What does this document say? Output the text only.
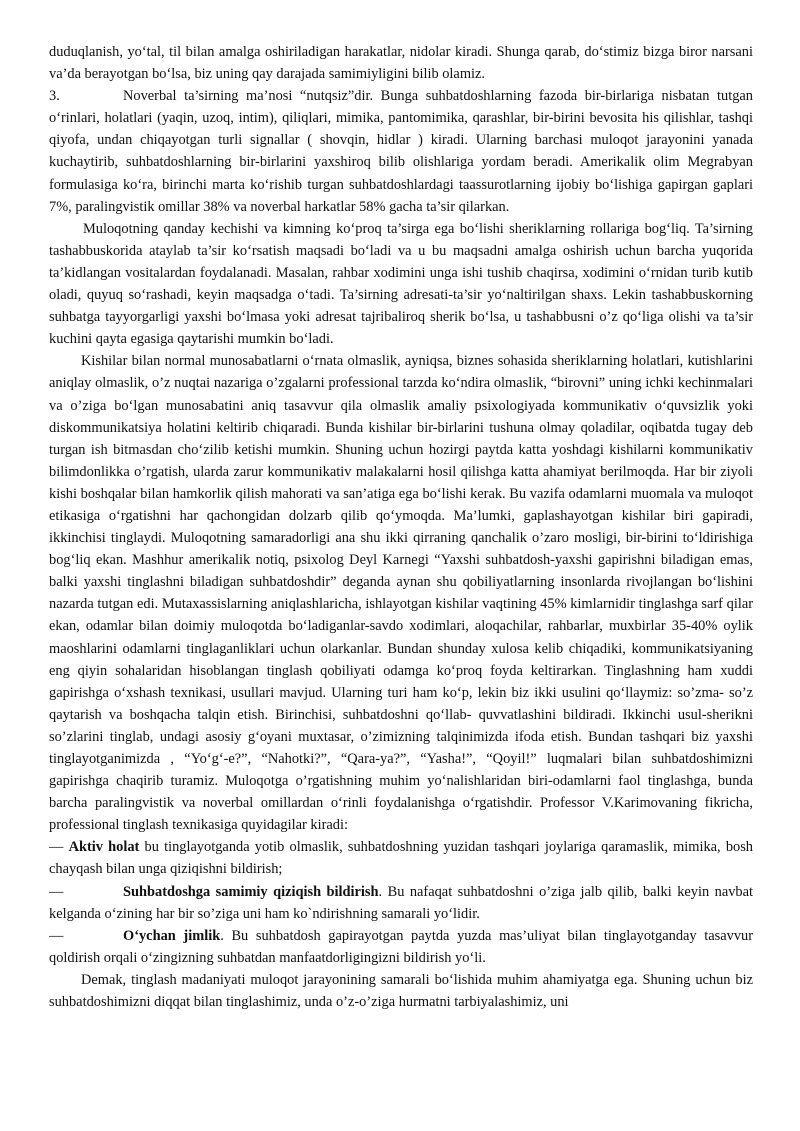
duduqlanish, yo‘tal, til bilan amalga oshiriladigan harakatlar, nidolar kiradi. Shunga qarab, do‘stimiz bizga biror narsani va’da berayotgan bo‘lsa, biz uning qay darajada samimiyligini bilib olamiz.

3.	Noverbal ta’sirning ma’nosi “nutqsiz”dir. Bunga suhbatdoshlarning fazoda bir-birlariga nisbatan tutgan o‘rinlari, holatlari (yaqin, uzoq, intim), qiliqlari, mimika, pantomimika, qarashlar, bir-birini bevosita his qilishlar, tashqi qiyofa, undan chiqayotgan turli signallar ( shovqin, hidlar ) kiradi. Ularning barchasi muloqot jarayonini yanada kuchaytirib, suhbatdoshlarning bir-birlarini yaxshiroq bilib olishlariga yordam beradi. Amerikalik olim Megrabyan formulasiga ko‘ra, birinchi marta ko‘rishib turgan suhbatdoshlardagi taassurotlarning ijobiy bo‘lishiga gapirgan gaplari 7%, paralingvistik omillar 38% va noverbal harkatlar 58% gacha ta’sir qilarkan.

Muloqotning qanday kechishi va kimning ko‘proq ta’sirga ega bo‘lishi sheriklarning rollariga bog‘liq. Ta’sirning tashabbuskorida ataylab ta’sir ko‘rsatish maqsadi bo‘ladi va u bu maqsadni amalga oshirish uchun barcha yuqorida ta’kidlangan vositalardan foydalanadi. Masalan, rahbar xodimini unga ishi tushib chaqirsa, xodimini o‘rnidan turib kutib oladi, quyuq so‘rashadi, keyin maqsadga o‘tadi. Ta’sirning adresati-ta’sir yo‘naltirilgan shaxs. Lekin tashabbuskorning suhbatga tayyorgarligi yaxshi bo‘lmasa yoki adresat tajribaliroq sherik bo‘lsa, u tashabbusni o’z qo‘liga olishi va ta’sir kuchini qayta egasiga qaytarishi mumkin bo‘ladi.

Kishilar bilan normal munosabatlarni o‘rnata olmaslik, ayniqsa, biznes sohasida sheriklarning holatlari, kutishlarini aniqlay olmaslik, o’z nuqtai nazariga o’zgalarni professional tarzda ko‘ndira olmaslik, “birovni” uning ichki kechinmalari va o’ziga bo‘lgan munosabatini aniq tasavvur qila olmaslik amaliy psixologiyada kommunikativ o‘quvsizlik yoki diskommunikatsiya holatini keltirib chiqaradi. Bunda kishilar bir-birlarini tushuna olmay qoladilar, oqibatda tugay deb turgan ish bitmasdan cho‘zilib ketishi mumkin. Shuning uchun hozirgi paytda katta yoshdagi kishilarni kommunikativ bilimdonlikka o’rgatish, ularda zarur kommunikativ malakalarni hosil qilishga katta ahamiyat berilmoqda. Har bir ziyoli kishi boshqalar bilan hamkorlik qilish mahorati va san’atiga ega bo‘lishi kerak. Bu vazifa odamlarni muomala va muloqot etikasiga o‘rgatishni har qachongidan dolzarb qilib qo‘ymoqda. Ma’lumki, gaplashayotgan kishilar biri gapiradi, ikkinchisi tinglaydi. Muloqotning samaradorligi ana shu ikki qirraning qanchalik o’zaro mosligi, bir-birini to‘ldirishiga bog‘liq ekan. Mashhur amerikalik notiq, psixolog Deyl Karnegi “Yaxshi suhbatdosh-yaxshi gapirishni biladigan emas, balki yaxshi tinglashni biladigan suhbatdoshdir” deganda aynan shu qobiliyatlarning insonlarda rivojlangan bo‘lishini nazarda tutgan edi. Mutaxassislarning aniqlashlaricha, ishlayotgan kishilar vaqtining 45% kimlarnidir tinglashga sarf qilar ekan, odamlar bilan doimiy muloqotda bo‘ladiganlar-savdo xodimlari, aloqachilar, rahbarlar, muxbirlar 35-40% oylik maoshlarini odamlarni tinglaganliklari uchun olarkanlar. Bundan shunday xulosa kelib chiqadiki, kommunikatsiyaning eng qiyin sohalaridan hisoblangan tinglash qobiliyati odamga ko‘proq foyda keltirarkan. Tinglashning ham xuddi gapirishga o‘xshash texnikasi, usullari mavjud. Ularning turi ham ko‘p, lekin biz ikki usulini qo‘llaymiz: so’zma- so’z qaytarish va boshqacha talqin etish. Birinchisi, suhbatdoshni qo‘llab- quvvatlashini bildiradi. Ikkinchi usul-sherikni so’zlarini tinglab, undagi asosiy g‘oyani muxtasar, o’zimizning talqinimizda ifoda etish. Bundan tashqari biz yaxshi tinglayotganimizda , “Yo‘g‘-e?”, “Nahotki?”, “Qara-ya?”, “Yasha!”, “Qoyil!” luqmalari bilan suhbatdoshimizni gapirishga chaqirib turamiz. Muloqotga o’rgatishning muhim yo‘nalishlaridan biri-odamlarni faol tinglashga, bunda barcha paralingvistik va noverbal omillardan o‘rinli foydalanishga o‘rgatishdir. Professor V.Karimovaning fikricha, professional tinglash texnikasiga quyidagilar kiradi:

— Aktiv holat bu tinglayotganda yotib olmaslik, suhbatdoshning yuzidan tashqari joylariga qaramaslik, mimika, bosh chayqash bilan unga qiziqishni bildirish;

—	Suhbatdoshga samimiy qiziqish bildirish. Bu nafaqat suhbatdoshni o’ziga jalb qilib, balki keyin navbat kelganda o‘zining har bir so’ziga uni ham ko`ndirishning samarali yo‘lidir.

—	O‘ychan jimlik. Bu suhbatdosh gapirayotgan paytda yuzda mas’uliyat bilan tinglayotganday tasavvur qoldirish orqali o‘zingizning suhbatdan manfaatdorligingizni bildirish yo‘li.

Demak, tinglash madaniyati muloqot jarayonining samarali bo‘lishida muhim ahamiyatga ega. Shuning uchun biz suhbatdoshimizni diqqat bilan tinglashimiz, unda o’z-o’ziga hurmatni tarbiyalashimiz, uni
